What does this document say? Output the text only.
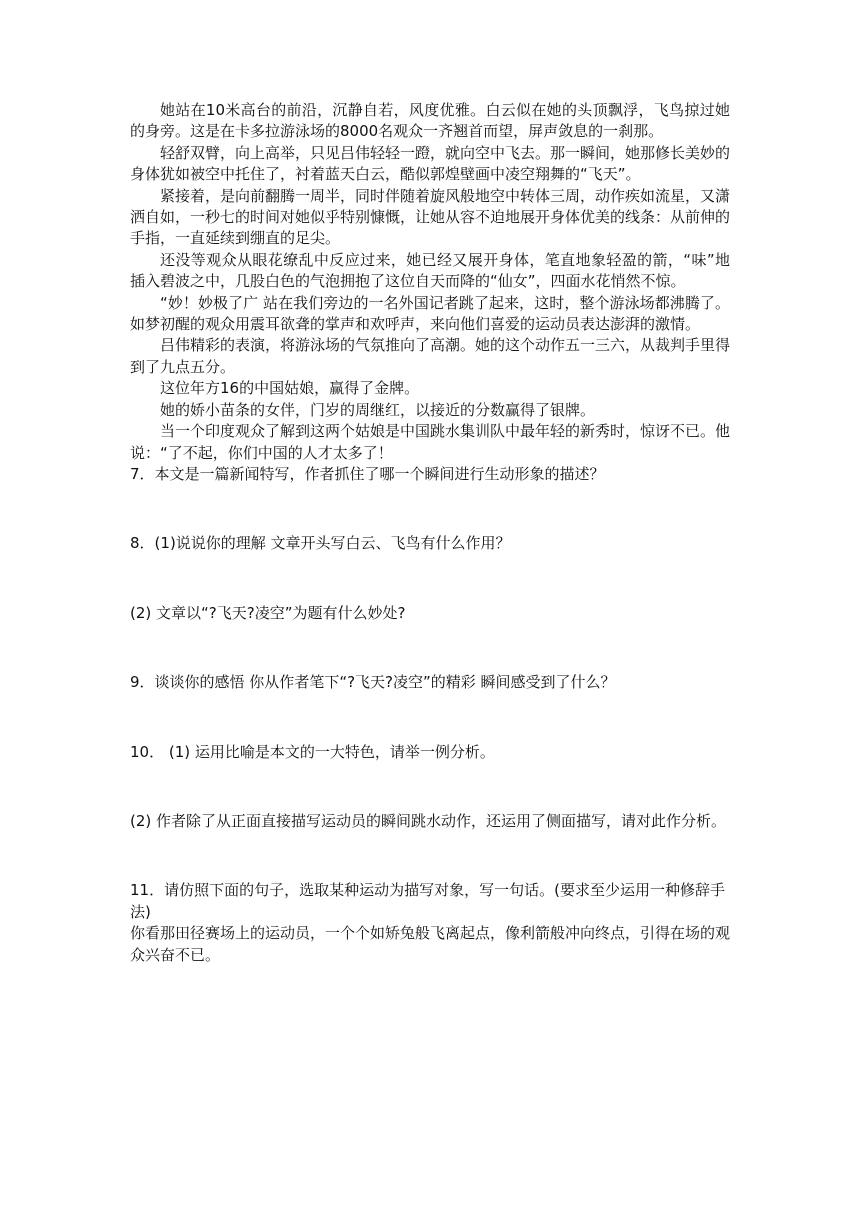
她站在10米高台的前沿，沉静自若，风度优雅。白云似在她的头顶飘浮，飞鸟掠过她的身旁。这是在卡多拉游泳场的8000名观众一齐翘首而望，屏声敛息的一刹那。

轻舒双臂，向上高举，只见吕伟轻轻一蹬，就向空中飞去。那一瞬间，她那修长美妙的身体犹如被空中托住了，衬着蓝天白云，酷似郭煌壁画中凌空翔舞的“飞天”。

紧接着，是向前翻腾一周半，同时伴随着旋风般地空中转体三周，动作疾如流星，又潇洒自如，一秒七的时间对她似乎特别慷慨，让她从容不迫地展开身体优美的线条：从前伸的手指，一直延续到绷直的足尖。

还没等观众从眼花缭乱中反应过来，她已经又展开身体，笔直地象轻盈的箭，“味”地插入碧波之中，几股白色的气泡拥抱了这位自天而降的“仙女”，四面水花悄然不惊。

“妙！妙极了广 站在我们旁边的一名外国记者跳了起来，这时，整个游泳场都沸腾了。如梦初醒的观众用震耳欲聋的掌声和欢呼声，来向他们喜爱的运动员表达澎湃的激情。

吕伟精彩的表演，将游泳场的气氛推向了高潮。她的这个动作五一三六，从裁判手里得到了九点五分。

这位年方16的中国姑娘，赢得了金牌。

她的娇小苗条的女伴，门岁的周继红，以接近的分数赢得了银牌。

当一个印度观众了解到这两个姑娘是中国跳水集训队中最年轻的新秀时，惊讶不已。他说：“了不起，你们中国的人才太多了！

7．本文是一篇新闻特写，作者抓住了哪一个瞬间进行生动形象的描述？

8．(1)说说你的理解 文章开头写白云、飞鸟有什么作用？

(2) 文章以“?飞天?凌空”为题有什么妙处?

9．谈谈你的感悟 你从作者笔下“?飞天?凌空”的精彩 瞬间感受到了什么？

10． (1) 运用比喻是本文的一大特色，请举一例分析。

(2) 作者除了从正面直接描写运动员的瞬间跳水动作，还运用了侧面描写，请对此作分析。

11．请仿照下面的句子，选取某种运动为描写对象，写一句话。(要求至少运用一种修辞手法)

你看那田径赛场上的运动员，一个个如矫兔般飞离起点，像利箭般冲向终点，引得在场的观众兴奋不已。
